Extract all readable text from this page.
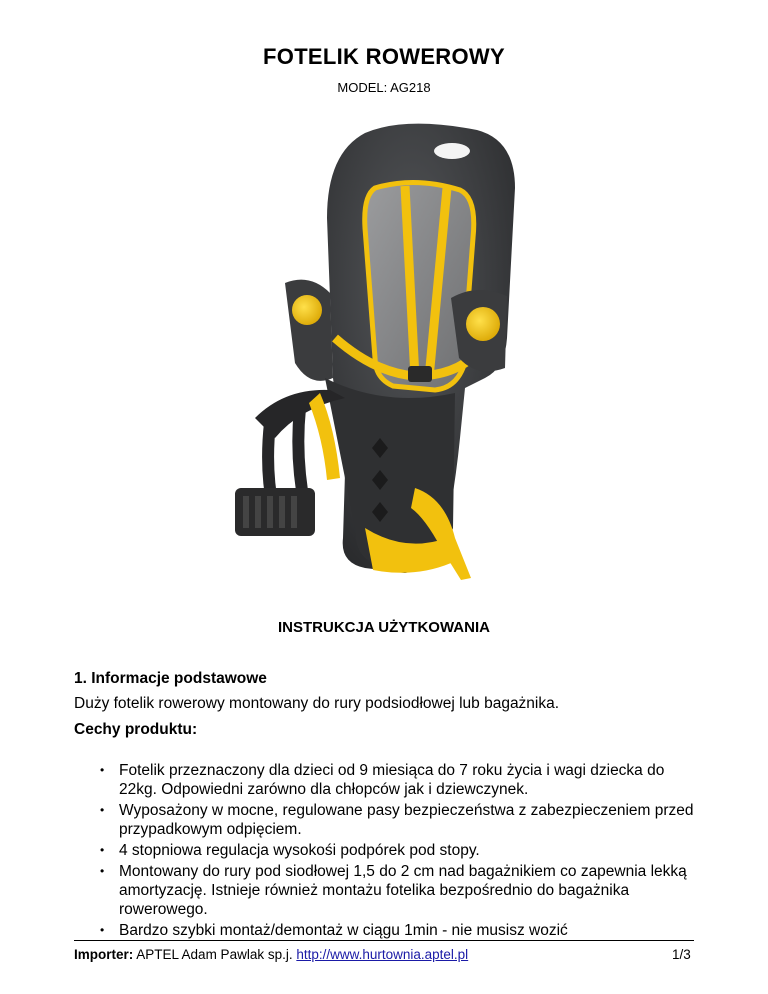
FOTELIK ROWEROWY
MODEL: AG218
INSTRUKCJA UŻYTKOWANIA
1. Informacje podstawowe
Duży fotelik rowerowy montowany do rury podsiodłowej lub bagażnika.
Cechy produktu:
• Fotelik przeznaczony dla dzieci od 9 miesiąca do 7 roku życia i wagi dziecka do 22kg. Odpowiedni zarówno dla chłopców jak i dziewczynek.
• Wyposażony w mocne, regulowane pasy bezpieczeństwa z zabezpieczeniem przed przypadkowym odpięciem.
• 4 stopniowa regulacja wysokośi podpórek pod stopy.
• Montowany do rury pod siodłowej 1,5 do 2 cm nad bagażnikiem co zapewnia lekką amortyzację. Istnieje również montażu fotelika bezpośrednio do bagażnika rowerowego.
• Bardzo szybki montaż/demontaż w ciągu 1min - nie musisz wozić
Importer: APTEL Adam Pawlak sp.j. http://www.hurtownia.aptel.pl	1/3
